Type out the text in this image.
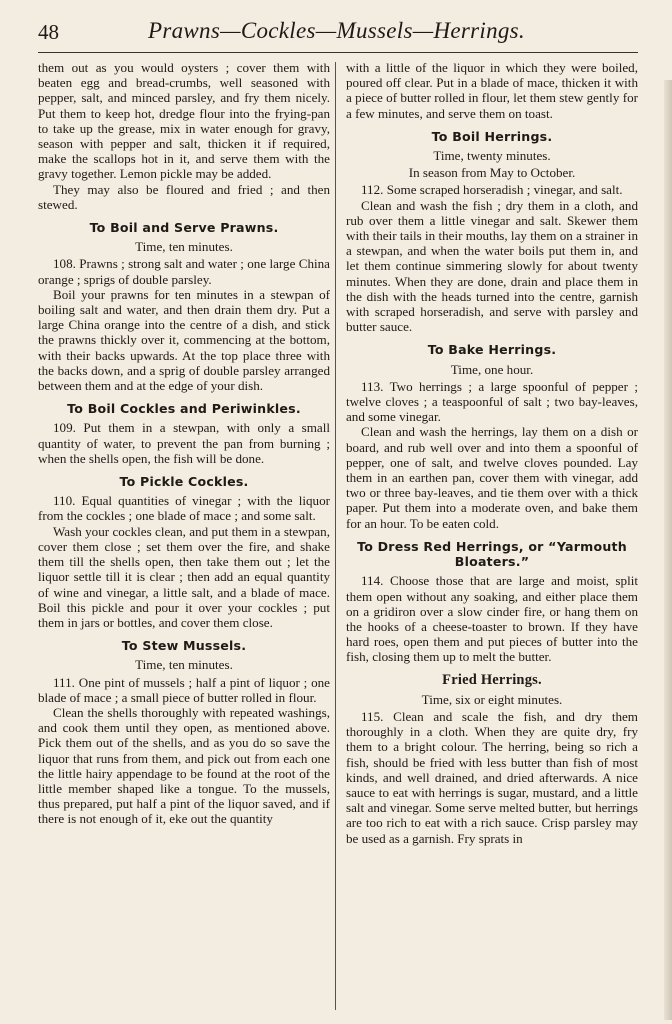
48	Prawns—Cockles—Mussels—Herrings.

them out as you would oysters ; cover them with beaten egg and bread-crumbs, well seasoned with pepper, salt, and minced parsley, and fry them nicely. Put them to keep hot, dredge flour into the frying-pan to take up the grease, mix in water enough for gravy, season with pepper and salt, thicken it if required, make the scallops hot in it, and serve them with the gravy together. Lemon pickle may be added.

They may also be floured and fried ; and then stewed.

To Boil and Serve Prawns.

Time, ten minutes.

108. Prawns ; strong salt and water ; one large China orange ; sprigs of double parsley.

Boil your prawns for ten minutes in a stewpan of boiling salt and water, and then drain them dry. Put a large China orange into the centre of a dish, and stick the prawns thickly over it, commencing at the bottom, with their backs upwards. At the top place three with the backs down, and a sprig of double parsley arranged between them and at the edge of your dish.

To Boil Cockles and Periwinkles.

109. Put them in a stewpan, with only a small quantity of water, to prevent the pan from burning ; when the shells open, the fish will be done.

To Pickle Cockles.

110. Equal quantities of vinegar ; with the liquor from the cockles ; one blade of mace ; and some salt.

Wash your cockles clean, and put them in a stewpan, cover them close ; set them over the fire, and shake them till the shells open, then take them out ; let the liquor settle till it is clear ; then add an equal quantity of wine and vinegar, a little salt, and a blade of mace. Boil this pickle and pour it over your cockles ; put them in jars or bottles, and cover them close.

To Stew Mussels.

Time, ten minutes.

111. One pint of mussels ; half a pint of liquor ; one blade of mace ; a small piece of butter rolled in flour.

Clean the shells thoroughly with repeated washings, and cook them until they open, as mentioned above. Pick them out of the shells, and as you do so save the liquor that runs from them, and pick out from each one the little hairy appendage to be found at the root of the little member shaped like a tongue. To the mussels, thus prepared, put half a pint of the liquor saved, and if there is not enough of it, eke out the quantity

with a little of the liquor in which they were boiled, poured off clear. Put in a blade of mace, thicken it with a piece of butter rolled in flour, let them stew gently for a few minutes, and serve them on toast.

To Boil Herrings.

Time, twenty minutes.

In season from May to October.

112. Some scraped horseradish ; vinegar, and salt.

Clean and wash the fish ; dry them in a cloth, and rub over them a little vinegar and salt. Skewer them with their tails in their mouths, lay them on a strainer in a stewpan, and when the water boils put them in, and let them continue simmering slowly for about twenty minutes. When they are done, drain and place them in the dish with the heads turned into the centre, garnish with scraped horseradish, and serve with parsley and butter sauce.

To Bake Herrings.

Time, one hour.

113. Two herrings ; a large spoonful of pepper ; twelve cloves ; a teaspoonful of salt ; two bay-leaves, and some vinegar.

Clean and wash the herrings, lay them on a dish or board, and rub well over and into them a spoonful of pepper, one of salt, and twelve cloves pounded. Lay them in an earthen pan, cover them with vinegar, add two or three bay-leaves, and tie them over with a thick paper. Put them into a moderate oven, and bake them for an hour. To be eaten cold.

To Dress Red Herrings, or “Yarmouth Bloaters.”

114. Choose those that are large and moist, split them open without any soaking, and either place them on a gridiron over a slow cinder fire, or hang them on the hooks of a cheese-toaster to brown. If they have hard roes, open them and put pieces of butter into the fish, closing them up to melt the butter.

Fried Herrings.

Time, six or eight minutes.

115. Clean and scale the fish, and dry them thoroughly in a cloth. When they are quite dry, fry them to a bright colour. The herring, being so rich a fish, should be fried with less butter than fish of most kinds, and well drained, and dried afterwards. A nice sauce to eat with herrings is sugar, mustard, and a little salt and vinegar. Some serve melted butter, but herrings are too rich to eat with a rich sauce. Crisp parsley may be used as a garnish. Fry sprats in
